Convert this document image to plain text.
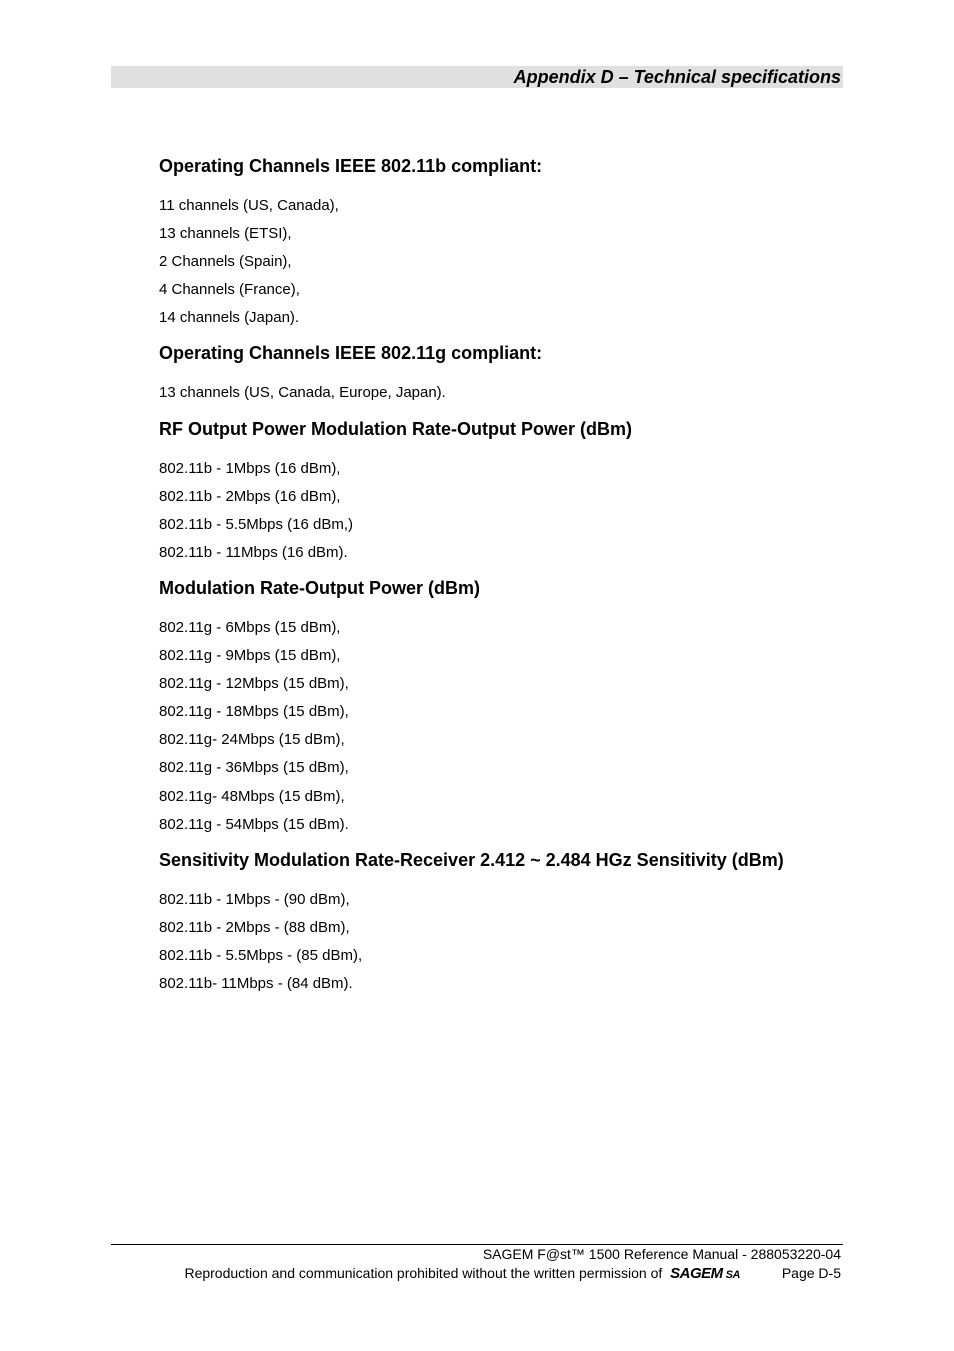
Appendix D – Technical specifications
Operating Channels IEEE 802.11b compliant:
11 channels (US, Canada),
13 channels (ETSI),
2 Channels (Spain),
4 Channels (France),
14 channels (Japan).
Operating Channels IEEE 802.11g compliant:
13 channels (US, Canada, Europe, Japan).
RF Output Power Modulation Rate-Output Power (dBm)
802.11b - 1Mbps (16 dBm),
802.11b - 2Mbps (16 dBm),
802.11b - 5.5Mbps (16 dBm,)
802.11b - 11Mbps (16 dBm).
Modulation Rate-Output Power (dBm)
802.11g - 6Mbps (15 dBm),
802.11g - 9Mbps (15 dBm),
802.11g - 12Mbps (15 dBm),
802.11g - 18Mbps (15 dBm),
802.11g- 24Mbps (15 dBm),
802.11g - 36Mbps (15 dBm),
802.11g- 48Mbps (15 dBm),
802.11g - 54Mbps (15 dBm).
Sensitivity Modulation Rate-Receiver 2.412 ~ 2.484 HGz Sensitivity (dBm)
802.11b - 1Mbps - (90 dBm),
802.11b - 2Mbps - (88 dBm),
802.11b - 5.5Mbps - (85 dBm),
802.11b- 11Mbps - (84 dBm).
SAGEM F@st™ 1500 Reference Manual - 288053220-04
Reproduction and communication prohibited without the written permission of SAGEM SA	Page D-5
